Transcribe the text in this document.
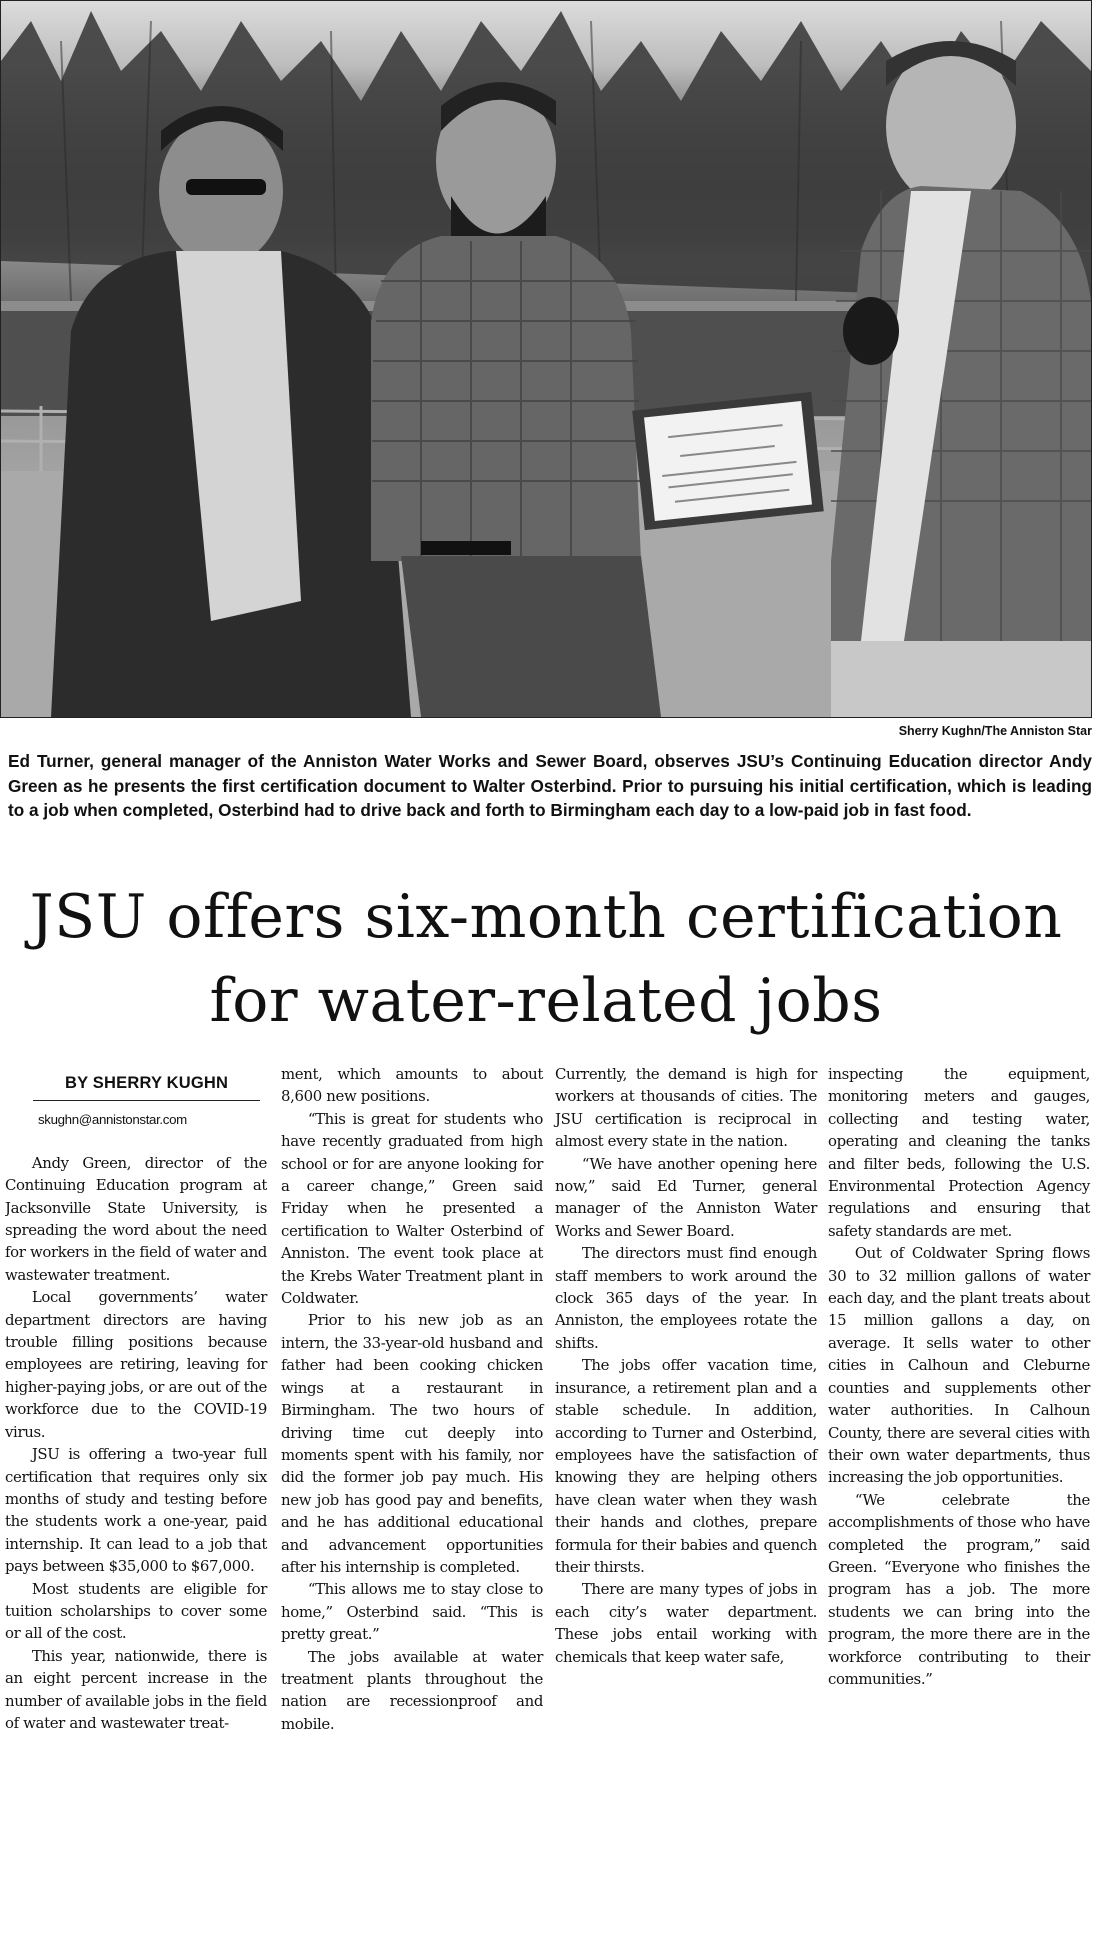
Sherry Kughn/The Anniston Star

Ed Turner, general manager of the Anniston Water Works and Sewer Board, observes JSU’s Continuing Education director Andy Green as he presents the first certification document to Walter Osterbind. Prior to pursuing his initial certification, which is leading to a job when completed, Osterbind had to drive back and forth to Birmingham each day to a low-paid job in fast food.

JSU offers six-month certification
for water-related jobs
BY SHERRY KUGHN
skughn@annistonstar.com

Andy Green, director of the Continuing Education program at Jacksonville State University, is spreading the word about the need for workers in the field of water and wastewater treatment.

Local governments’ water department directors are having trouble filling positions because employees are retiring, leaving for higher-paying jobs, or are out of the workforce due to the COVID-19 virus.

JSU is offering a two-year full certification that requires only six months of study and testing before the students work a one-year, paid internship. It can lead to a job that pays between $35,000 to $67,000.

Most students are eligible for tuition scholarships to cover some or all of the cost.

This year, nationwide, there is an eight percent increase in the number of available jobs in the field of water and wastewater treat-

ment, which amounts to about 8,600 new positions.

“This is great for students who have recently graduated from high school or for are anyone looking for a career change,” Green said Friday when he presented a certification to Walter Osterbind of Anniston. The event took place at the Krebs Water Treatment plant in Coldwater.

Prior to his new job as an intern, the 33-year-old husband and father had been cooking chicken wings at a restaurant in Birmingham. The two hours of driving time cut deeply into moments spent with his family, nor did the former job pay much. His new job has good pay and benefits, and he has additional educational and advancement opportunities after his internship is completed.

“This allows me to stay close to home,” Osterbind said. “This is pretty great.”

The jobs available at water treatment plants throughout the nation are recessionproof and mobile.

Currently, the demand is high for workers at thousands of cities. The JSU certification is reciprocal in almost every state in the nation.

“We have another opening here now,” said Ed Turner, general manager of the Anniston Water Works and Sewer Board.

The directors must find enough staff members to work around the clock 365 days of the year. In Anniston, the employees rotate the shifts.

The jobs offer vacation time, insurance, a retirement plan and a stable schedule. In addition, according to Turner and Osterbind, employees have the satisfaction of knowing they are helping others have clean water when they wash their hands and clothes, prepare formula for their babies and quench their thirsts.

There are many types of jobs in each city’s water department. These jobs entail working with chemicals that keep water safe,

inspecting the equipment, monitoring meters and gauges, collecting and testing water, operating and cleaning the tanks and filter beds, following the U.S. Environmental Protection Agency regulations and ensuring that safety standards are met.

Out of Coldwater Spring flows 30 to 32 million gallons of water each day, and the plant treats about 15 million gallons a day, on average. It sells water to other cities in Calhoun and Cleburne counties and supplements other water authorities. In Calhoun County, there are several cities with their own water departments, thus increasing the job opportunities.

“We celebrate the accomplishments of those who have completed the program,” said Green. “Everyone who finishes the program has a job. The more students we can bring into the program, the more there are in the workforce contributing to their communities.”
